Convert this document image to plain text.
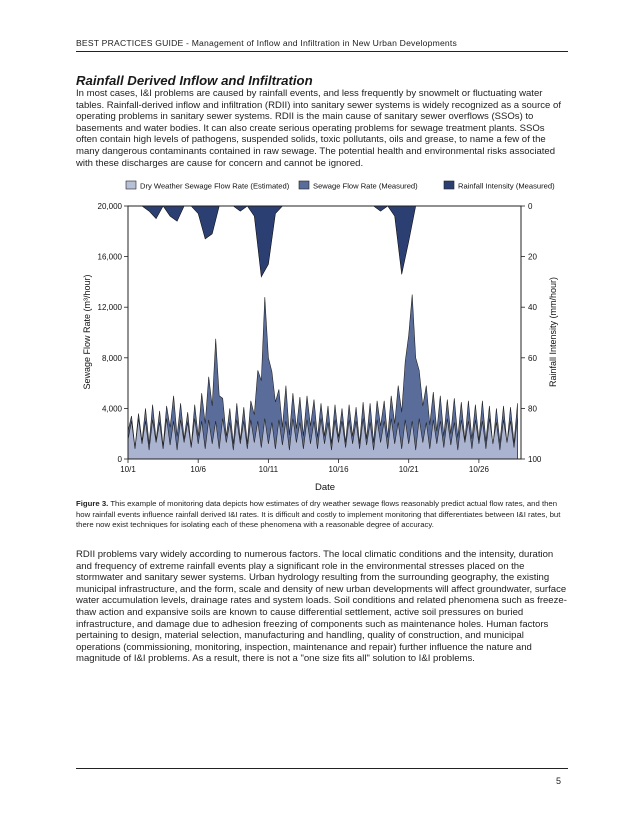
BEST PRACTICES GUIDE - Management of Inflow and Infiltration in New Urban Developments
Rainfall Derived Inflow and Infiltration
In most cases, I&I problems are caused by rainfall events, and less frequently by snowmelt or fluctuating water tables. Rainfall-derived inflow and infiltration (RDII) into sanitary sewer systems is widely recognized as a source of operating problems in sanitary sewer systems. RDII is the main cause of sanitary sewer overflows (SSOs) to basements and water bodies. It can also create serious operating problems for sewage treatment plants. SSOs often contain high levels of pathogens, suspended solids, toxic pollutants, oils and grease, to name a few of the many dangerous contaminants contained in raw sewage. The potential health and environmental risks associated with these discharges are cause for concern and cannot be ignored.
Dry Weather Sewage Flow Rate (Estimated)	Sewage Flow Rate (Measured)	Rainfall Intensity (Measured)
0
4,000
8,000
12,000
16,000
20,000	0
20
40
60
80
100
10/1	10/6	10/11	10/16	10/21	10/26
Date
Sewage Flow Rate (m³/hour)	Rainfall Intensity (mm/hour)
Figure 3. This example of monitoring data depicts how estimates of dry weather sewage flows reasonably predict actual flow rates, and then how rainfall events influence rainfall derived I&I rates. It is difficult and costly to implement monitoring that differentiates between I&I rates, but there now exist techniques for isolating each of these phenomena with a reasonable degree of accuracy.
RDII problems vary widely according to numerous factors. The local climatic conditions and the intensity, duration and frequency of extreme rainfall events play a significant role in the environmental stresses placed on the stormwater and sanitary sewer systems. Urban hydrology resulting from the surrounding geography, the existing municipal infrastructure, and the form, scale and density of new urban developments will affect groundwater, surface water accumulation levels, drainage rates and system loads. Soil conditions and related phenomena such as freeze-thaw action and expansive soils are known to cause differential settlement, active soil pressures on buried infrastructure, and damage due to adhesion freezing of components such as maintenance holes. Human factors pertaining to design, material selection, manufacturing and handling, quality of construction, and municipal operations (commissioning, monitoring, inspection, maintenance and repair) further influence the nature and magnitude of I&I problems. As a result, there is not a "one size fits all" solution to I&I problems.
5
